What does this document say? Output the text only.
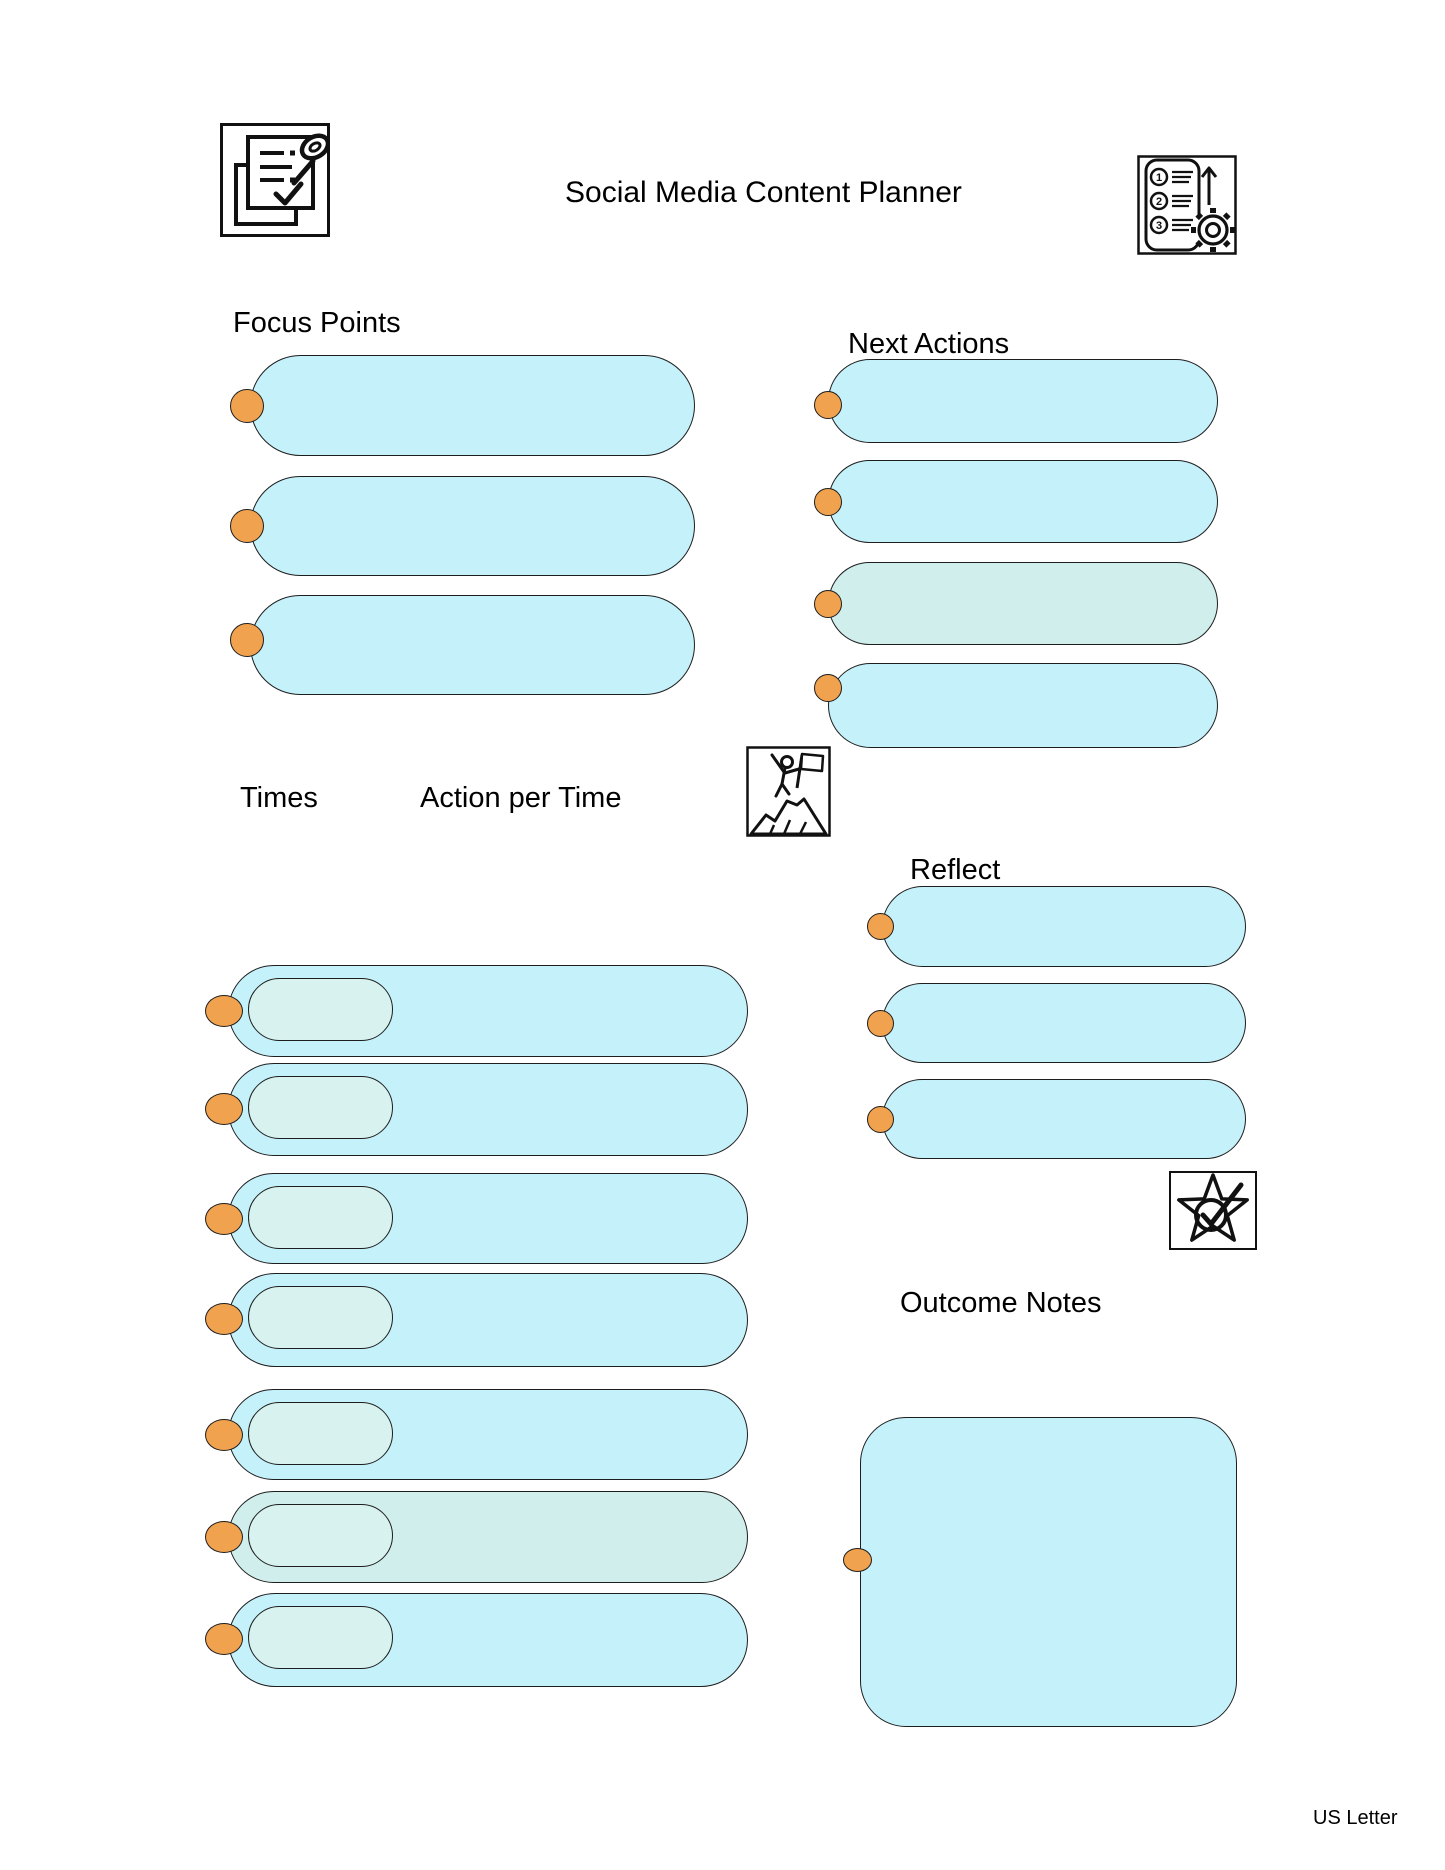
Social Media Content Planner
Focus Points
Next Actions
Times	Action per Time
Reflect
Outcome Notes
US Letter
1
2
3
